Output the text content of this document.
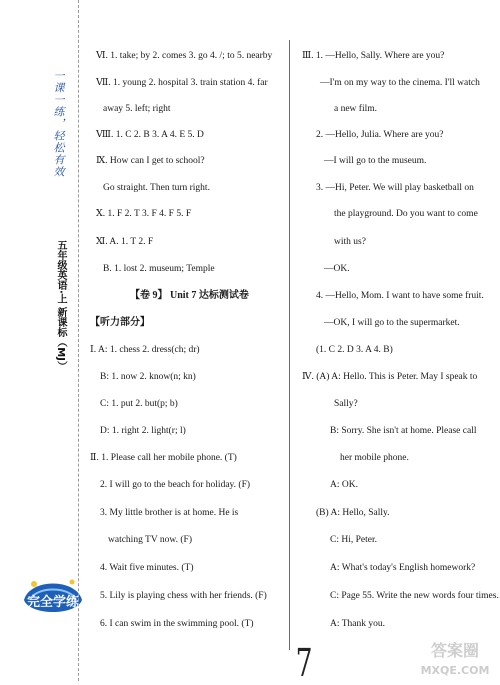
一课一练，轻松有效
五年级英语·上 新课标（MJ）
完全学练
Ⅵ. 1. take; by 2. comes 3. go 4. /; to 5. nearby
Ⅶ. 1. young 2. hospital 3. train station 4. far
away 5. left; right
Ⅷ. 1. C 2. B 3. A 4. E 5. D
Ⅸ. How can I get to school?
Go straight. Then turn right.
Ⅹ. 1. F 2. T 3. F 4. F 5. F
Ⅺ. A. 1. T 2. F
B. 1. lost 2. museum; Temple
【卷 9】 Unit 7 达标测试卷
【听力部分】
Ⅰ. A: 1. chess 2. dress(ch; dr)
B: 1. now 2. know(n; kn)
C: 1. put 2. but(p; b)
D: 1. right 2. light(r; l)
Ⅱ. 1. Please call her mobile phone. (T)
2. I will go to the beach for holiday. (F)
3. My little brother is at home. He is
watching TV now. (F)
4. Wait five minutes. (T)
5. Lily is playing chess with her friends. (F)
6. I can swim in the swimming pool. (T)
Ⅲ. 1. —Hello, Sally. Where are you?
—I'm on my way to the cinema. I'll watch
a new film.
2. —Hello, Julia. Where are you?
—I will go to the museum.
3. —Hi, Peter. We will play basketball on
the playground. Do you want to come
with us?
—OK.
4. —Hello, Mom. I want to have some fruit.
—OK, I will go to the supermarket.
(1. C 2. D 3. A 4. B)
Ⅳ. (A) A: Hello. This is Peter. May I speak to
Sally?
B: Sorry. She isn't at home. Please call
her mobile phone.
A: OK.
(B) A: Hello, Sally.
C: Hi, Peter.
A: What's today's English homework?
C: Page 55. Write the new words four times.
A: Thank you.
7	答案圈
MXQE.COM
